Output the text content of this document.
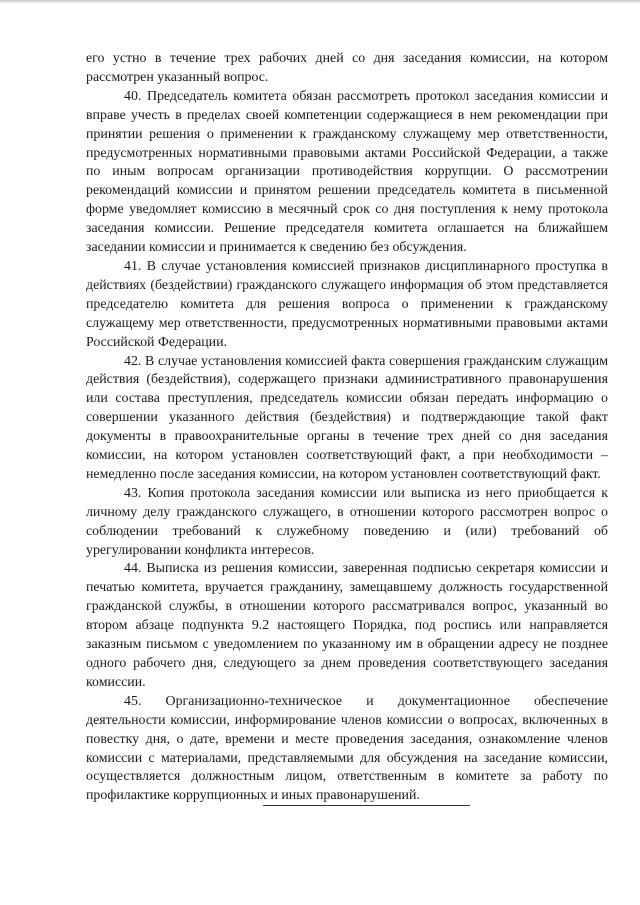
его устно в течение трех рабочих дней со дня заседания комиссии, на котором рассмотрен указанный вопрос.

40. Председатель комитета обязан рассмотреть протокол заседания комиссии и вправе учесть в пределах своей компетенции содержащиеся в нем рекомендации при принятии решения о применении к гражданскому служащему мер ответственности, предусмотренных нормативными правовыми актами Российской Федерации, а также по иным вопросам организации противодействия коррупции. О рассмотрении рекомендаций комиссии и принятом решении председатель комитета в письменной форме уведомляет комиссию в месячный срок со дня поступления к нему протокола заседания комиссии. Решение председателя комитета оглашается на ближайшем заседании комиссии и принимается к сведению без обсуждения.

41. В случае установления комиссией признаков дисциплинарного проступка в действиях (бездействии) гражданского служащего информация об этом представляется председателю комитета для решения вопроса о применении к гражданскому служащему мер ответственности, предусмотренных нормативными правовыми актами Российской Федерации.

42. В случае установления комиссией факта совершения гражданским служащим действия (бездействия), содержащего признаки административного правонарушения или состава преступления, председатель комиссии обязан передать информацию о совершении указанного действия (бездействия) и подтверждающие такой факт документы в правоохранительные органы в течение трех дней со дня заседания комиссии, на котором установлен соответствующий факт, а при необходимости – немедленно после заседания комиссии, на котором установлен соответствующий факт.

43. Копия протокола заседания комиссии или выписка из него приобщается к личному делу гражданского служащего, в отношении которого рассмотрен вопрос о соблюдении требований к служебному поведению и (или) требований об урегулировании конфликта интересов.

44. Выписка из решения комиссии, заверенная подписью секретаря комиссии и печатью комитета, вручается гражданину, замещавшему должность государственной гражданской службы, в отношении которого рассматривался вопрос, указанный во втором абзаце подпункта 9.2 настоящего Порядка, под роспись или направляется заказным письмом с уведомлением по указанному им в обращении адресу не позднее одного рабочего дня, следующего за днем проведения соответствующего заседания комиссии.

45. Организационно-техническое и документационное обеспечение деятельности комиссии, информирование членов комиссии о вопросах, включенных в повестку дня, о дате, времени и месте проведения заседания, ознакомление членов комиссии с материалами, представляемыми для обсуждения на заседание комиссии, осуществляется должностным лицом, ответственным в комитете за работу по профилактике коррупционных и иных правонарушений.
